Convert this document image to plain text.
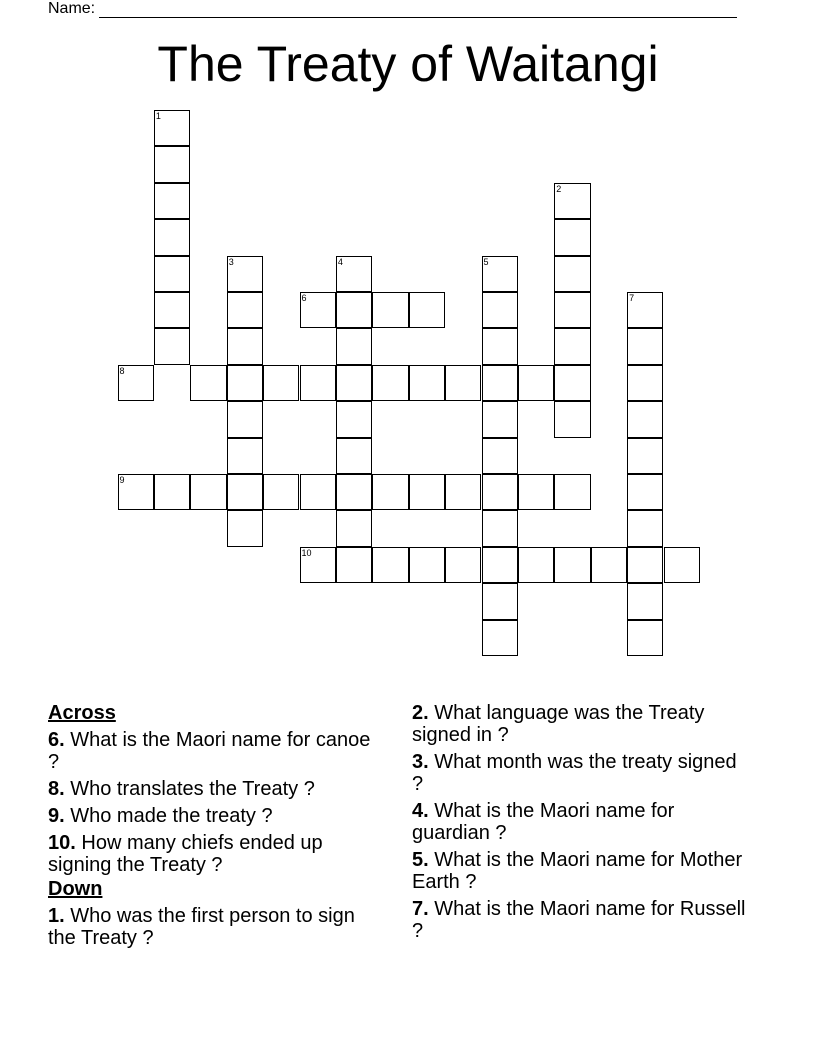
Name:
The Treaty of Waitangi
1
2
3	4	5
6	7
8
9
10
Across
6. What is the Maori name for canoe ?
8. Who translates the Treaty ?
9. Who made the treaty ?
10. How many chiefs ended up signing the Treaty ?
Down
1. Who was the first person to sign the Treaty ?
2. What language was the Treaty signed in ?
3. What month was the treaty signed ?
4. What is the Maori name for guardian ?
5. What is the Maori name for Mother Earth ?
7. What is the Maori name for Russell ?
